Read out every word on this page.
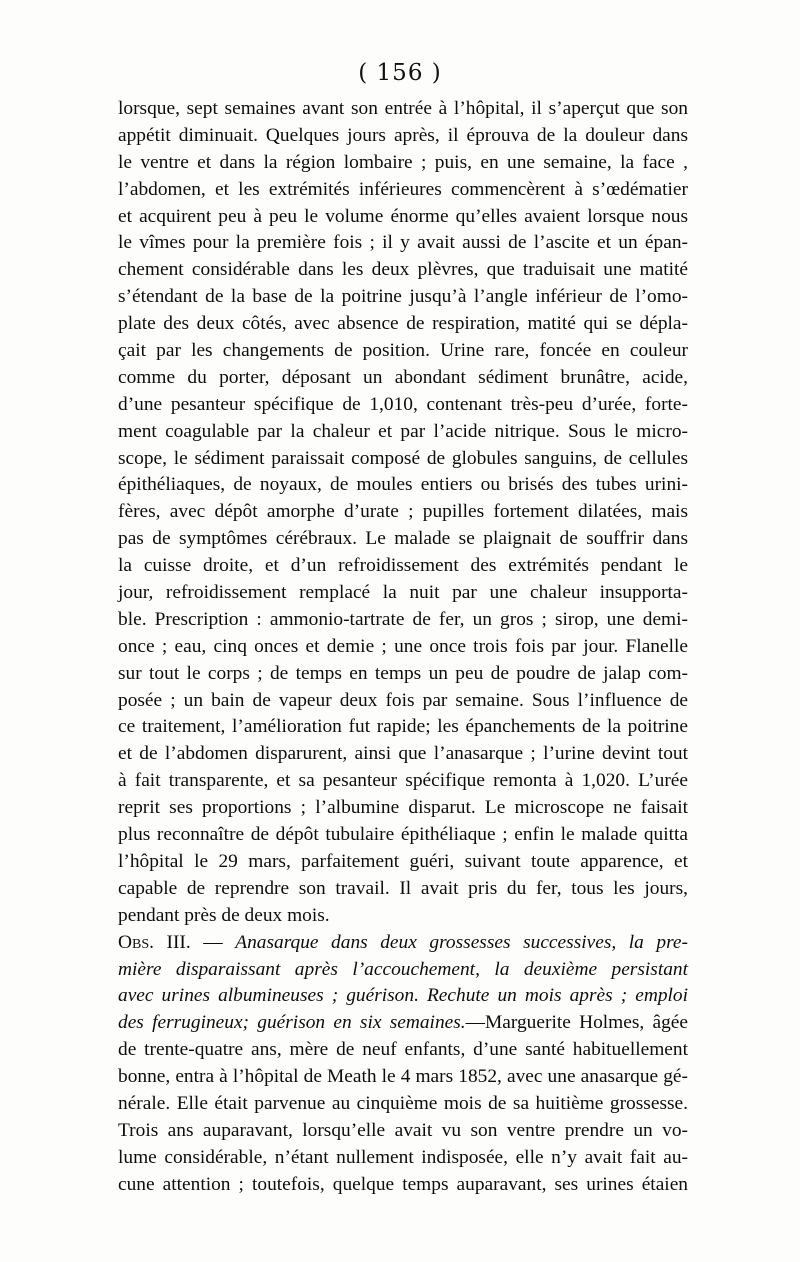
( 156 )
lorsque, sept semaines avant son entrée à l’hôpital, il s’aperçut que son
appétit diminuait. Quelques jours après, il éprouva de la douleur dans
le ventre et dans la région lombaire ; puis, en une semaine, la face ,
l’abdomen, et les extrémités inférieures commencèrent à s’œdématier
et acquirent peu à peu le volume énorme qu’elles avaient lorsque nous
le vîmes pour la première fois ; il y avait aussi de l’ascite et un épan-
chement considérable dans les deux plèvres, que traduisait une matité
s’étendant de la base de la poitrine jusqu’à l’angle inférieur de l’omo-
plate des deux côtés, avec absence de respiration, matité qui se dépla-
çait par les changements de position. Urine rare, foncée en couleur
comme du porter, déposant un abondant sédiment brunâtre, acide,
d’une pesanteur spécifique de 1,010, contenant très-peu d’urée, forte-
ment coagulable par la chaleur et par l’acide nitrique. Sous le micro-
scope, le sédiment paraissait composé de globules sanguins, de cellules
épithéliaques, de noyaux, de moules entiers ou brisés des tubes urini-
fères, avec dépôt amorphe d’urate ; pupilles fortement dilatées, mais
pas de symptômes cérébraux. Le malade se plaignait de souffrir dans
la cuisse droite, et d’un refroidissement des extrémités pendant le
jour, refroidissement remplacé la nuit par une chaleur insupporta-
ble. Prescription : ammonio-tartrate de fer, un gros ; sirop, une demi-
once ; eau, cinq onces et demie ; une once trois fois par jour. Flanelle
sur tout le corps ; de temps en temps un peu de poudre de jalap com-
posée ; un bain de vapeur deux fois par semaine. Sous l’influence de
ce traitement, l’amélioration fut rapide; les épanchements de la poitrine
et de l’abdomen disparurent, ainsi que l’anasarque ; l’urine devint tout
à fait transparente, et sa pesanteur spécifique remonta à 1,020. L’urée
reprit ses proportions ; l’albumine disparut. Le microscope ne faisait
plus reconnaître de dépôt tubulaire épithéliaque ; enfin le malade quitta
l’hôpital le 29 mars, parfaitement guéri, suivant toute apparence, et
capable de reprendre son travail. Il avait pris du fer, tous les jours,
pendant près de deux mois.
Obs. III. — Anasarque dans deux grossesses successives, la pre-
mière disparaissant après l’accouchement, la deuxième persistant
avec urines albumineuses ; guérison. Rechute un mois après ; emploi
des ferrugineux; guérison en six semaines.—Marguerite Holmes, âgée
de trente-quatre ans, mère de neuf enfants, d’une santé habituellement
bonne, entra à l’hôpital de Meath le 4 mars 1852, avec une anasarque gé-
nérale. Elle était parvenue au cinquième mois de sa huitième grossesse.
Trois ans auparavant, lorsqu’elle avait vu son ventre prendre un vo-
lume considérable, n’étant nullement indisposée, elle n’y avait fait au-
cune attention ; toutefois, quelque temps auparavant, ses urines étaien
